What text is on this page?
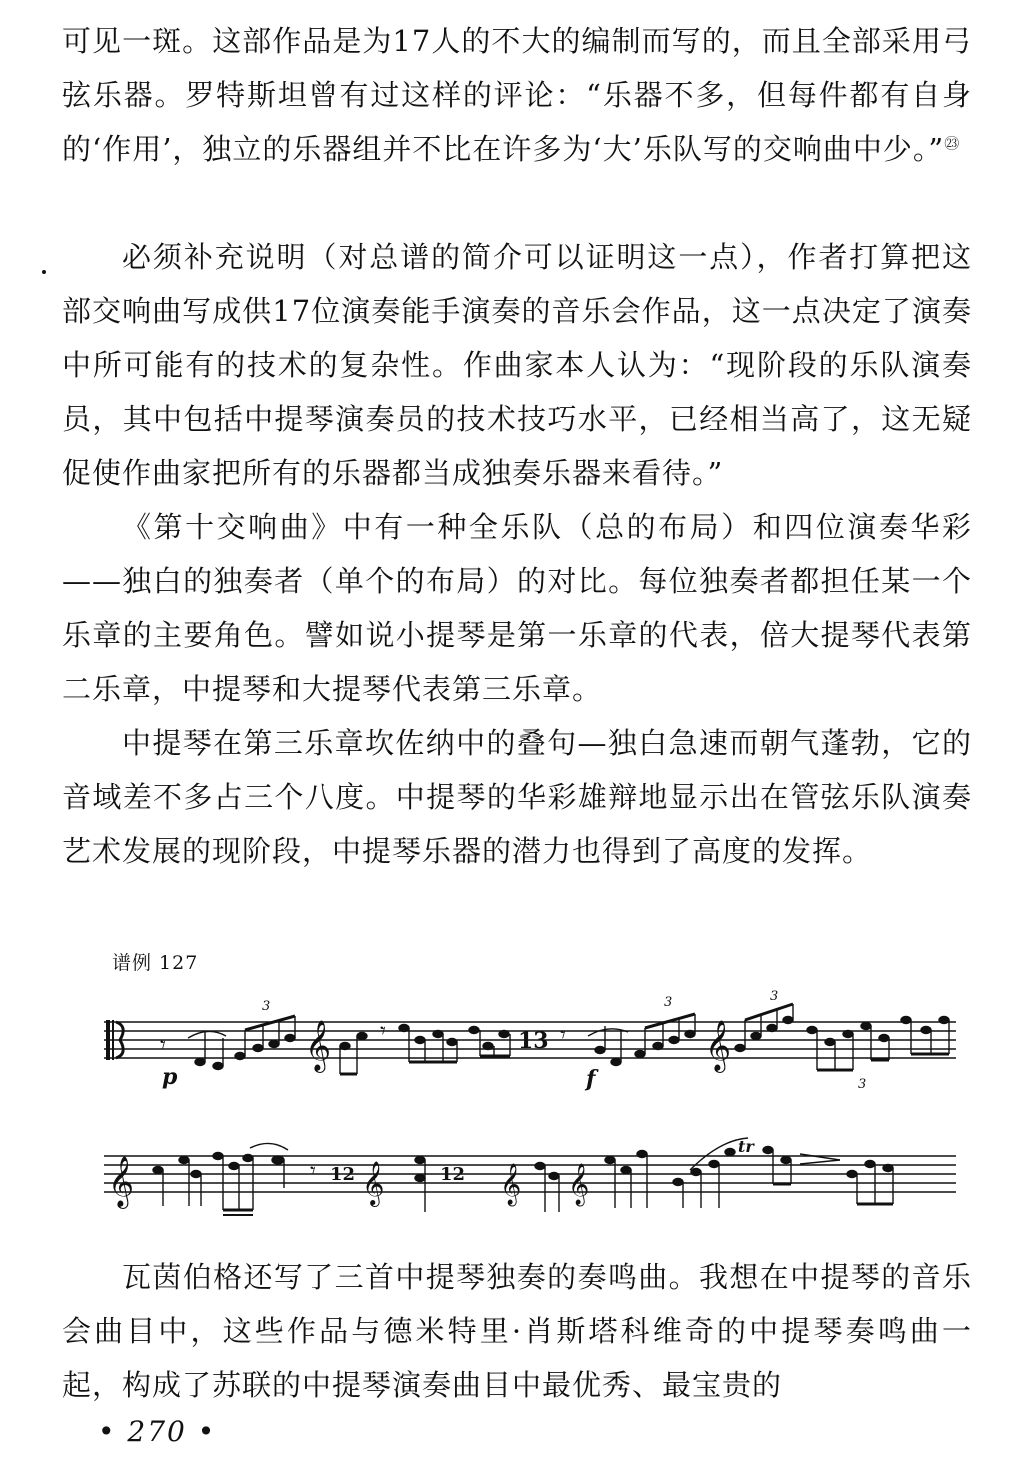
可见一斑。这部作品是为17人的不大的编制而写的，而且全部采用弓弦乐器。罗特斯坦曾有过这样的评论：“乐器不多，但每件都有自身的‘作用’，独立的乐器组并不比在许多为‘大’乐队写的交响曲中少。”$^㉓$

必须补充说明（对总谱的简介可以证明这一点），作者打算把这部交响曲写成供17位演奏能手演奏的音乐会作品，这一点决定了演奏中所可能有的技术的复杂性。作曲家本人认为：“现阶段的乐队演奏员，其中包括中提琴演奏员的技术技巧水平，已经相当高了，这无疑促使作曲家把所有的乐器都当成独奏乐器来看待。”

《第十交响曲》中有一种全乐队（总的布局）和四位演奏华彩——独白的独奏者（单个的布局）的对比。每位独奏者都担任某一个乐章的主要角色。譬如说小提琴是第一乐章的代表，倍大提琴代表第二乐章，中提琴和大提琴代表第三乐章。

中提琴在第三乐章坎佐纳中的叠句—独白急速而朝气蓬勃，它的音域差不多占三个八度。中提琴的华彩雄辩地显示出在管弦乐队演奏艺术发展的现阶段，中提琴乐器的潜力也得到了高度的发挥。

谱例 127
𝄾
3
𝄞 𝄾	13 𝄾
3
𝄞
3
3
p	f
𝄞	𝄾 12 𝄞	12 𝄞 𝄞
tr

瓦茵伯格还写了三首中提琴独奏的奏鸣曲。我想在中提琴的音乐会曲目中，这些作品与德米特里·肖斯塔科维奇的中提琴奏鸣曲一起，构成了苏联的中提琴演奏曲目中最优秀、最宝贵的

• 270 •
